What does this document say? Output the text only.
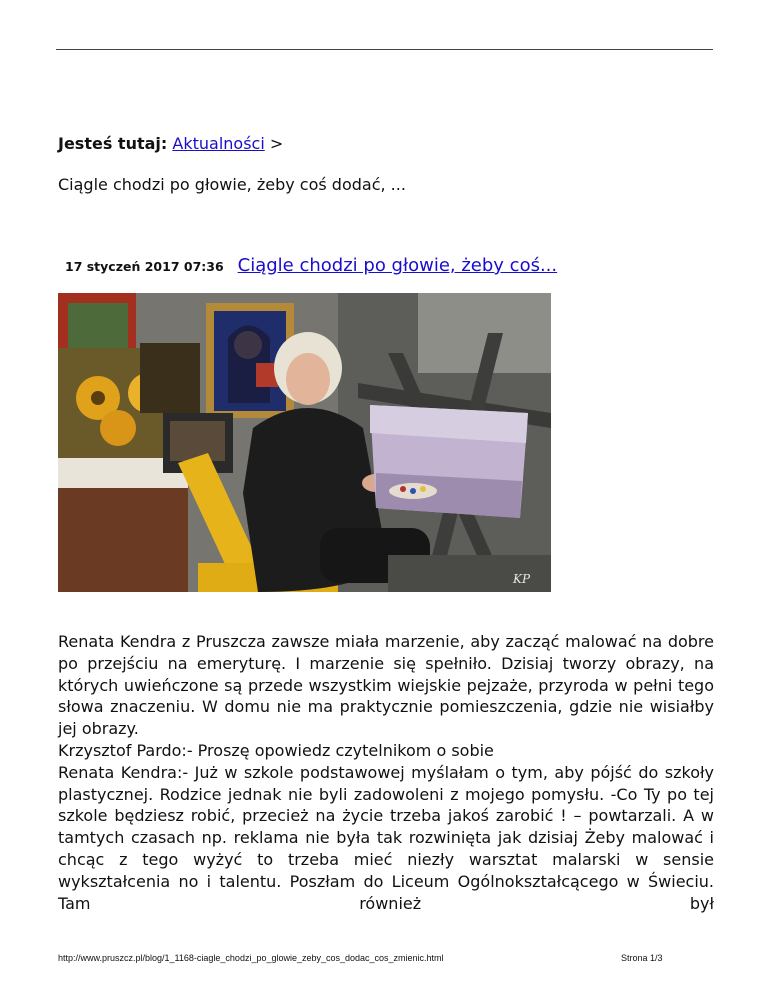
Jesteś tutaj: Aktualności >
Ciągle chodzi po głowie, żeby coś dodać, ...
17 styczeń 2017 07:36 Ciągle chodzi po głowie, żeby coś...
KP

Renata Kendra z Pruszcza zawsze miała marzenie, aby zacząć malować na dobre po przejściu na emeryturę. I marzenie się spełniło. Dzisiaj tworzy obrazy, na których uwieńczone są przede wszystkim wiejskie pejzaże, przyroda w pełni tego słowa znaczeniu. W domu nie ma praktycznie pomieszczenia, gdzie nie wisiałby jej obrazy.

Krzysztof Pardo:- Proszę opowiedz czytelnikom o sobie

Renata Kendra:- Już w szkole podstawowej myślałam o tym, aby pójść do szkoły plastycznej. Rodzice jednak nie byli zadowoleni z mojego pomysłu. -Co Ty po tej szkole będziesz robić, przecież na życie trzeba jakoś zarobić ! – powtarzali. A w tamtych czasach np. reklama nie była tak rozwinięta jak dzisiaj Żeby malować i chcąc z tego wyżyć to trzeba mieć niezły warsztat malarski w sensie wykształcenia no i talentu. Poszłam do Liceum Ogólnokształcącego w Świeciu. Tam również był

http://www.pruszcz.pl/blog/1_1168-ciagle_chodzi_po_glowie_zeby_cos_dodac_cos_zmienic.html	Strona 1/3
